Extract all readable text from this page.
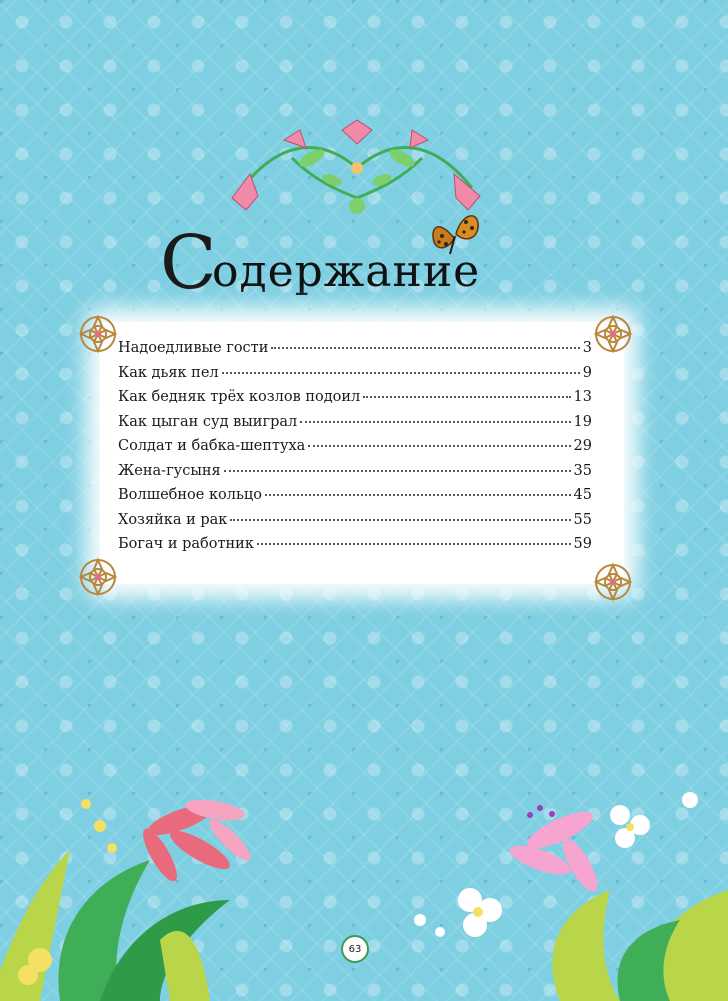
С
одержание
Надоедливые гости	3
Как дьяк пел	9
Как бедняк трёх козлов подоил	13
Как цыган суд выиграл	19
Солдат и бабка-шептуха	29
Жена-гусыня	35
Волшебное кольцо	45
Хозяйка и рак	55
Богач и работник	59
63
